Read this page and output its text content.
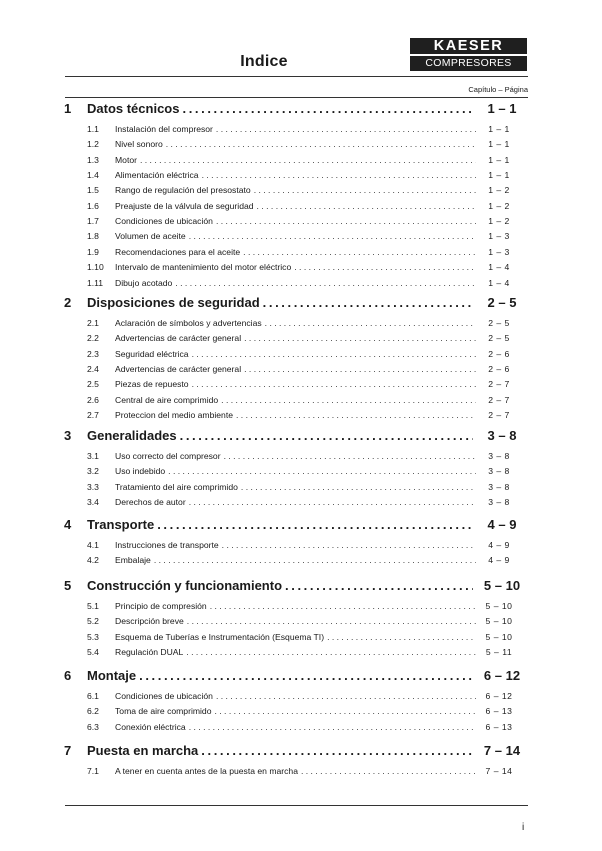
Indice
KAESER
COMPRESORES
Capítulo – Página
1 Datos técnicos .....	1 – 1
1.1 Instalación del compresor .....	1 – 1
1.2 Nivel sonoro .....	1 – 1
1.3 Motor .....	1 – 1
1.4 Alimentación eléctrica .....	1 – 1
1.5 Rango de regulación del presostato .....	1 – 2
1.6 Preajuste de la válvula de seguridad .....	1 – 2
1.7 Condiciones de ubicación .....	1 – 2
1.8 Volumen de aceite .....	1 – 3
1.9 Recomendaciones para el aceite .....	1 – 3
1.10 Intervalo de mantenimiento del motor eléctrico .....	1 – 4
1.11 Dibujo acotado .....	1 – 4
2 Disposiciones de seguridad .....	2 – 5
2.1 Aclaración de símbolos y advertencias .....	2 – 5
2.2 Advertencias de carácter general .....	2 – 5
2.3 Seguridad eléctrica .....	2 – 6
2.4 Advertencias de carácter general .....	2 – 6
2.5 Piezas de repuesto .....	2 – 7
2.6 Central de aire comprimido .....	2 – 7
2.7 Proteccion del medio ambiente .....	2 – 7
3 Generalidades .....	3 – 8
3.1 Uso correcto del compresor .....	3 – 8
3.2 Uso indebido .....	3 – 8
3.3 Tratamiento del aire comprimido .....	3 – 8
3.4 Derechos de autor .....	3 – 8
4 Transporte .....	4 – 9
4.1 Instrucciones de transporte .....	4 – 9
4.2 Embalaje .....	4 – 9
5 Construcción y funcionamiento .....	5 – 10
5.1 Principio de compresión .....	5 – 10
5.2 Descripción breve .....	5 – 10
5.3 Esquema de Tuberías e Instrumentación (Esquema TI) .....	5 – 10
5.4 Regulación DUAL .....	5 – 11
6 Montaje .....	6 – 12
6.1 Condiciones de ubicación .....	6 – 12
6.2 Toma de aire comprimido .....	6 – 13
6.3 Conexión eléctrica .....	6 – 13
7 Puesta en marcha .....	7 – 14
7.1 A tener en cuenta antes de la puesta en marcha .....	7 – 14
i
